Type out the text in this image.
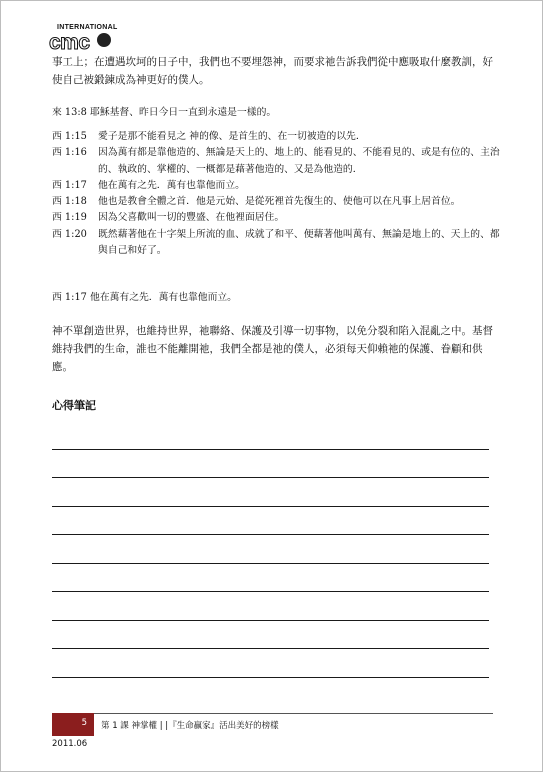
INTERNATIONAL
cmc

事工上；在遭遇坎坷的日子中，我們也不要埋怨神，而要求祂告訴我們從中應吸取什麼教訓，好使自己被鍛鍊成為神更好的僕人。

來 13:8 耶穌基督、昨日今日一直到永遠是一樣的。
西 1:15	愛子是那不能看見之 神的像、是首生的、在一切被造的以先．
西 1:16	因為萬有都是靠他造的、無論是天上的、地上的、能看見的、不能看見的、或是有位的、主治的、執政的、掌權的、一概都是藉著他造的、又是為他造的．
西 1:17	他在萬有之先．萬有也靠他而立。
西 1:18	他也是教會全體之首．他是元始、是從死裡首先復生的、使他可以在凡事上居首位。
西 1:19	因為父喜歡叫一切的豐盛、在他裡面居住。
西 1:20	既然藉著他在十字架上所流的血、成就了和平、便藉著他叫萬有、無論是地上的、天上的、都與自己和好了。
西 1:17 他在萬有之先．萬有也靠他而立。

神不單創造世界，也維持世界，祂聯絡、保護及引導一切事物，以免分裂和陷入混亂之中。基督維持我們的生命，誰也不能離開祂，我們全都是祂的僕人，必須每天仰賴祂的保護、眷顧和供應。

心得筆記
5	第 1 課 神掌權 | |『生命贏家』活出美好的榜樣
2011.06
